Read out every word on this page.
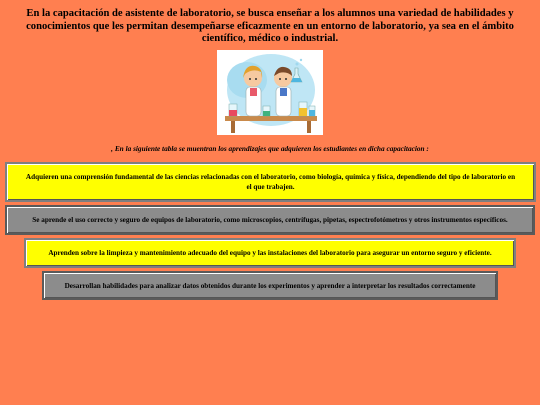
En la capacitación de asistente de laboratorio, se busca enseñar a los alumnos una variedad de habilidades y conocimientos que les permitan desempeñarse eficazmente en un entorno de laboratorio, ya sea en el ámbito científico, médico o industrial.
, En la siguiente tabla se muentran los aprendizajes que adquieren los estudiantes en dicha capacitacion :
Adquieren una comprensión fundamental de las ciencias relacionadas con el laboratorio, como biología, química y física, dependiendo del tipo de laboratorio en el que trabajen.
Se aprende el uso correcto y seguro de equipos de laboratorio, como microscopios, centrífugas, pipetas, espectrofotómetros y otros instrumentos específicos.
Aprenden sobre la limpieza y mantenimiento adecuado del equipo y las instalaciones del laboratorio para asegurar un entorno seguro y eficiente.
Desarrollan habilidades para analizar datos obtenidos durante los experimentos y aprender a interpretar los resultados correctamente
